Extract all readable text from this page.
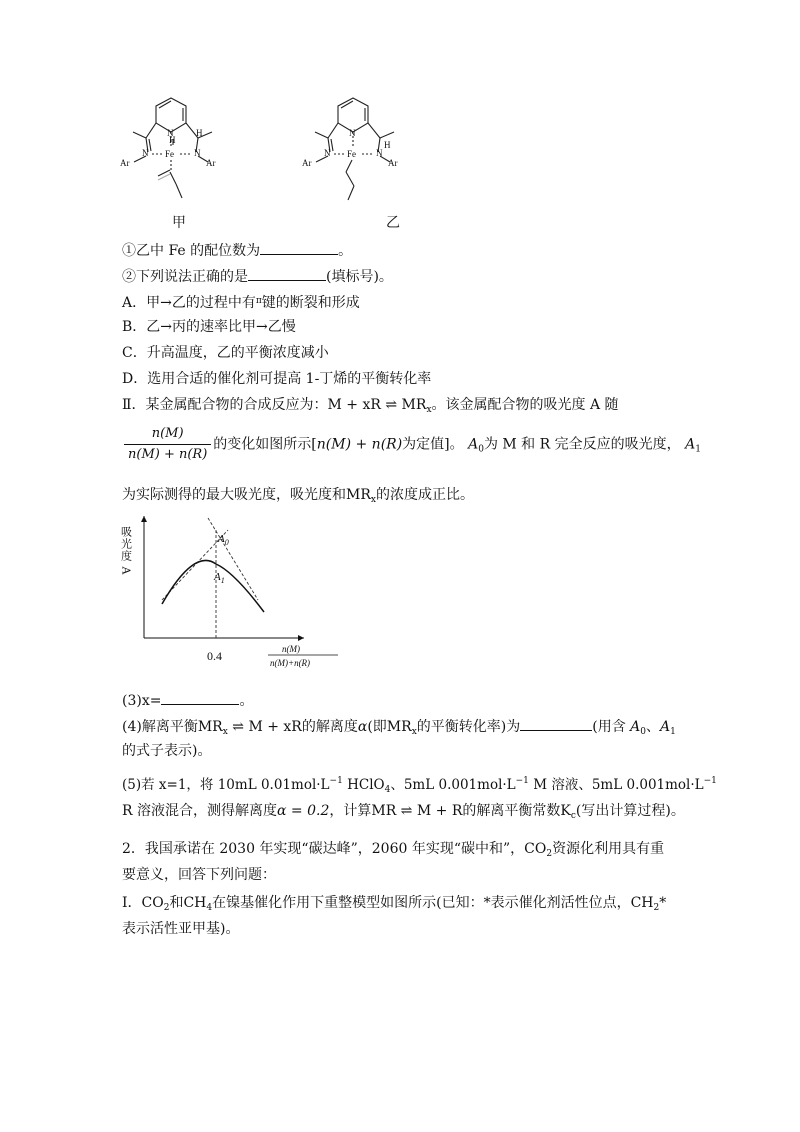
N
N	N
Fe
H
H
Ar	Ar
甲
N
N	N
Fe
H
Ar	Ar
乙
①乙中 Fe 的配位数为	。
②下列说法正确的是	(填标号)。
A．甲→乙的过程中有$^\pi$键的断裂和形成
B．乙→丙的速率比甲→乙慢
C．升高温度，乙的平衡浓度减小
D．选用合适的催化剂可提高 1-丁烯的平衡转化率
Ⅱ．某金属配合物的合成反应为：M + xR ⇌ $MR_x$。该金属配合物的吸光度 A 随
$\frac{n(M)}{n(M) + n(R)}$ 的变化如图所示[n(M) + n(R)为定值]。 $A_0$为 M 和 R 完全反应的吸光度， $A_1$
为实际测得的最大吸光度，吸光度和$MR_x$的浓度成正比。
吸光度 A	$A_0$
$A_1$
0.4	n(M)
n(M)+n(R)
(3)x=	。
(4)解离平衡$MR_x$ ⇌ M + xR的解离度α(即$MR_x$的平衡转化率)为	(用含 $A_0$、$A_1$
的式子表示)。
(5)若 x=1，将 10mL $0.01mol\cdot L^{-1}$ HClO$_4$、5mL $0.001mol\cdot L^{-1}$ M 溶液、5mL $0.001mol\cdot L^{-1}$
R 溶液混合，测得解离度α = 0.2，计算MR ⇌ M + R的解离平衡常数$K_c$(写出计算过程)。
2．我国承诺在 2030 年实现“碳达峰”，2060 年实现“碳中和”，$CO_2$资源化利用具有重
要意义，回答下列问题：
I．$CO_2$和$CH_4$在镍基催化作用下重整模型如图所示(已知：*表示催化剂活性位点，$CH_2*$
表示活性亚甲基)。
